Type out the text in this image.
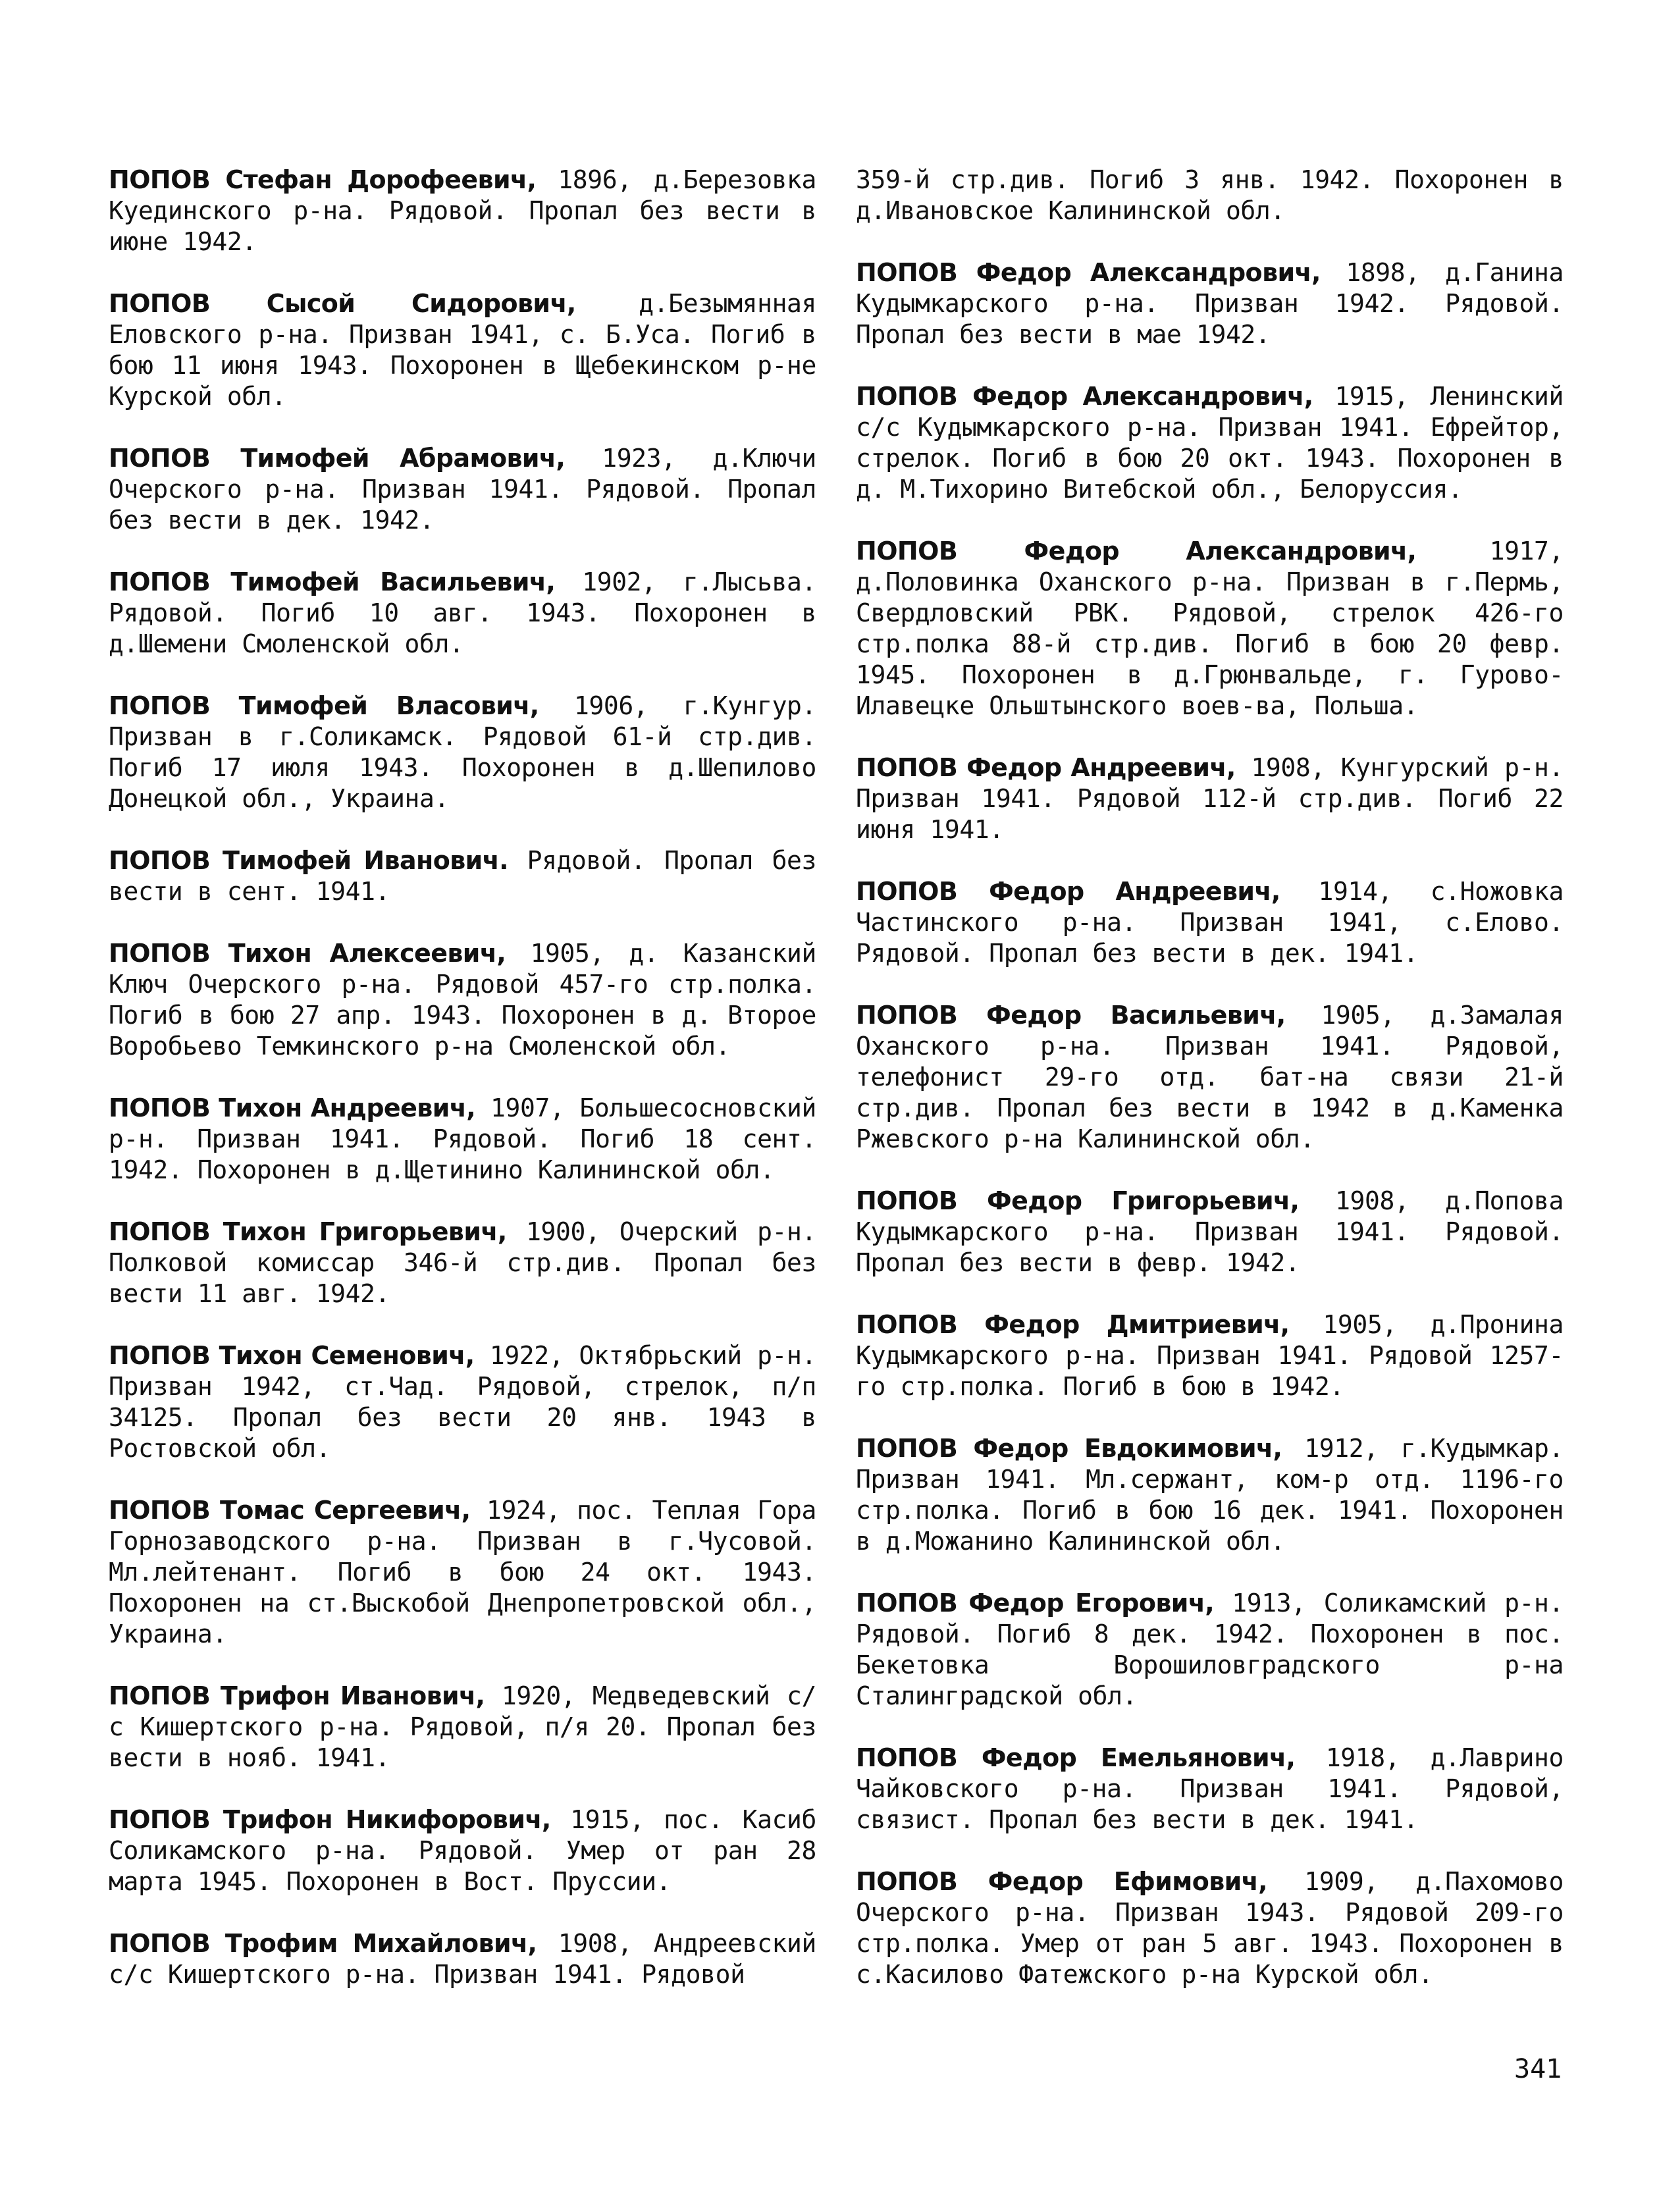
ПОПОВ Стефан Дорофеевич, 1896, д.Березовка Куединского р-на. Рядовой. Пропал без вести в июне 1942.

ПОПОВ Сысой Сидорович, д.Безымянная Еловского р-на. Призван 1941, с. Б.Уса. Погиб в бою 11 июня 1943. Похоронен в Щебекинском р-не Курской обл.

ПОПОВ Тимофей Абрамович, 1923, д.Ключи Очерского р-на. Призван 1941. Рядовой. Пропал без вести в дек. 1942.

ПОПОВ Тимофей Васильевич, 1902, г.Лысьва. Рядовой. Погиб 10 авг. 1943. Похоронен в д.Шемени Смоленской обл.

ПОПОВ Тимофей Власович, 1906, г.Кунгур. Призван в г.Соликамск. Рядовой 61-й стр.див. Погиб 17 июля 1943. Похоронен в д.Шепилово Донецкой обл., Украина.

ПОПОВ Тимофей Иванович. Рядовой. Пропал без вести в сент. 1941.

ПОПОВ Тихон Алексеевич, 1905, д. Казанский Ключ Очерского р-на. Рядовой 457-го стр.полка. Погиб в бою 27 апр. 1943. Похоронен в д. Второе Воробьево Темкинского р-на Смоленской обл.

ПОПОВ Тихон Андреевич, 1907, Большесосновский р-н. Призван 1941. Рядовой. Погиб 18 сент. 1942. Похоронен в д.Щетинино Калининской обл.

ПОПОВ Тихон Григорьевич, 1900, Очерский р-н. Полковой комиссар 346-й стр.див. Пропал без вести 11 авг. 1942.

ПОПОВ Тихон Семенович, 1922, Октябрьский р-н. Призван 1942, ст.Чад. Рядовой, стрелок, п/п 34125. Пропал без вести 20 янв. 1943 в Ростовской обл.

ПОПОВ Томас Сергеевич, 1924, пос. Теплая Гора Горнозаводского р-на. Призван в г.Чусовой. Мл.лейтенант. Погиб в бою 24 окт. 1943. Похоронен на ст.Выскобой Днепропетровской обл., Украина.

ПОПОВ Трифон Иванович, 1920, Медведевский с/с Кишертского р-на. Рядовой, п/я 20. Пропал без вести в нояб. 1941.

ПОПОВ Трифон Никифорович, 1915, пос. Касиб Соликамского р-на. Рядовой. Умер от ран 28 марта 1945. Похоронен в Вост. Пруссии.

ПОПОВ Трофим Михайлович, 1908, Андреевский с/с Кишертского р-на. Призван 1941. Рядовой

359-й стр.див. Погиб 3 янв. 1942. Похоронен в д.Ивановское Калининской обл.

ПОПОВ Федор Александрович, 1898, д.Ганина Кудымкарского р-на. Призван 1942. Рядовой. Пропал без вести в мае 1942.

ПОПОВ Федор Александрович, 1915, Ленинский с/с Кудымкарского р-на. Призван 1941. Ефрейтор, стрелок. Погиб в бою 20 окт. 1943. Похоронен в д. М.Тихорино Витебской обл., Белоруссия.

ПОПОВ Федор Александрович, 1917, д.Половинка Оханского р-на. Призван в г.Пермь, Свердловский РВК. Рядовой, стрелок 426-го стр.полка 88-й стр.див. Погиб в бою 20 февр. 1945. Похоронен в д.Грюнвальде, г. Гурово-Илавецке Ольштынского воев-ва, Польша.

ПОПОВ Федор Андреевич, 1908, Кунгурский р-н. Призван 1941. Рядовой 112-й стр.див. Погиб 22 июня 1941.

ПОПОВ Федор Андреевич, 1914, с.Ножовка Частинского р-на. Призван 1941, с.Елово. Рядовой. Пропал без вести в дек. 1941.

ПОПОВ Федор Васильевич, 1905, д.Замалая Оханского р-на. Призван 1941. Рядовой, телефонист 29-го отд. бат-на связи 21-й стр.див. Пропал без вести в 1942 в д.Каменка Ржевского р-на Калининской обл.

ПОПОВ Федор Григорьевич, 1908, д.Попова Кудымкарского р-на. Призван 1941. Рядовой. Пропал без вести в февр. 1942.

ПОПОВ Федор Дмитриевич, 1905, д.Пронина Кудымкарского р-на. Призван 1941. Рядовой 1257-го стр.полка. Погиб в бою в 1942.

ПОПОВ Федор Евдокимович, 1912, г.Кудымкар. Призван 1941. Мл.сержант, ком-р отд. 1196-го стр.полка. Погиб в бою 16 дек. 1941. Похоронен в д.Можанино Калининской обл.

ПОПОВ Федор Егорович, 1913, Соликамский р-н. Рядовой. Погиб 8 дек. 1942. Похоронен в пос. Бекетовка Ворошиловградского р-на Сталинградской обл.

ПОПОВ Федор Емельянович, 1918, д.Лаврино Чайковского р-на. Призван 1941. Рядовой, связист. Пропал без вести в дек. 1941.

ПОПОВ Федор Ефимович, 1909, д.Пахомово Очерского р-на. Призван 1943. Рядовой 209-го стр.полка. Умер от ран 5 авг. 1943. Похоронен в с.Касилово Фатежского р-на Курской обл.

341
